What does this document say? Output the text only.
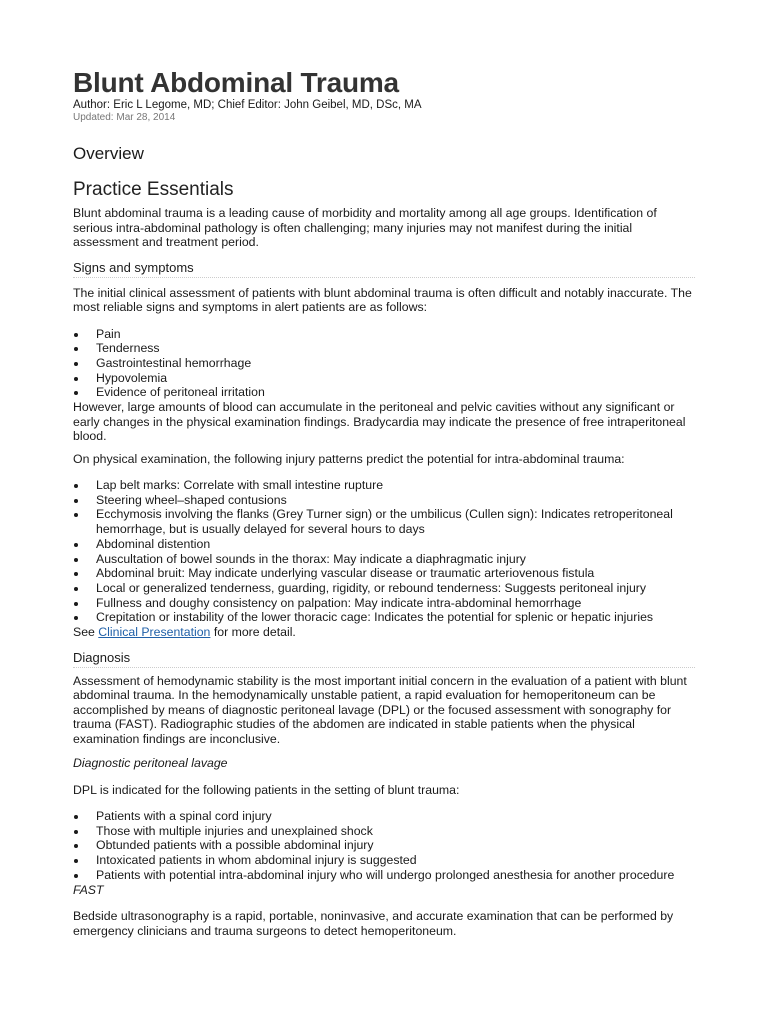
Blunt Abdominal Trauma
Author: Eric L Legome, MD; Chief Editor: John Geibel, MD, DSc, MA
Updated: Mar 28, 2014
Overview
Practice Essentials

Blunt abdominal trauma is a leading cause of morbidity and mortality among all age groups. Identification of serious intra-abdominal pathology is often challenging; many injuries may not manifest during the initial assessment and treatment period.

Signs and symptoms

The initial clinical assessment of patients with blunt abdominal trauma is often difficult and notably inaccurate. The most reliable signs and symptoms in alert patients are as follows:

Pain
Tenderness
Gastrointestinal hemorrhage
Hypovolemia
Evidence of peritoneal irritation

However, large amounts of blood can accumulate in the peritoneal and pelvic cavities without any significant or early changes in the physical examination findings. Bradycardia may indicate the presence of free intraperitoneal blood.

On physical examination, the following injury patterns predict the potential for intra-abdominal trauma:

Lap belt marks: Correlate with small intestine rupture
Steering wheel–shaped contusions
Ecchymosis involving the flanks (Grey Turner sign) or the umbilicus (Cullen sign): Indicates retroperitoneal hemorrhage, but is usually delayed for several hours to days
Abdominal distention
Auscultation of bowel sounds in the thorax: May indicate a diaphragmatic injury
Abdominal bruit: May indicate underlying vascular disease or traumatic arteriovenous fistula
Local or generalized tenderness, guarding, rigidity, or rebound tenderness: Suggests peritoneal injury
Fullness and doughy consistency on palpation: May indicate intra-abdominal hemorrhage
Crepitation or instability of the lower thoracic cage: Indicates the potential for splenic or hepatic injuries

See Clinical Presentation for more detail.

Diagnosis

Assessment of hemodynamic stability is the most important initial concern in the evaluation of a patient with blunt abdominal trauma. In the hemodynamically unstable patient, a rapid evaluation for hemoperitoneum can be accomplished by means of diagnostic peritoneal lavage (DPL) or the focused assessment with sonography for trauma (FAST). Radiographic studies of the abdomen are indicated in stable patients when the physical examination findings are inconclusive.

Diagnostic peritoneal lavage

DPL is indicated for the following patients in the setting of blunt trauma:

Patients with a spinal cord injury
Those with multiple injuries and unexplained shock
Obtunded patients with a possible abdominal injury
Intoxicated patients in whom abdominal injury is suggested
Patients with potential intra-abdominal injury who will undergo prolonged anesthesia for another procedure
FAST

Bedside ultrasonography is a rapid, portable, noninvasive, and accurate examination that can be performed by emergency clinicians and trauma surgeons to detect hemoperitoneum.
